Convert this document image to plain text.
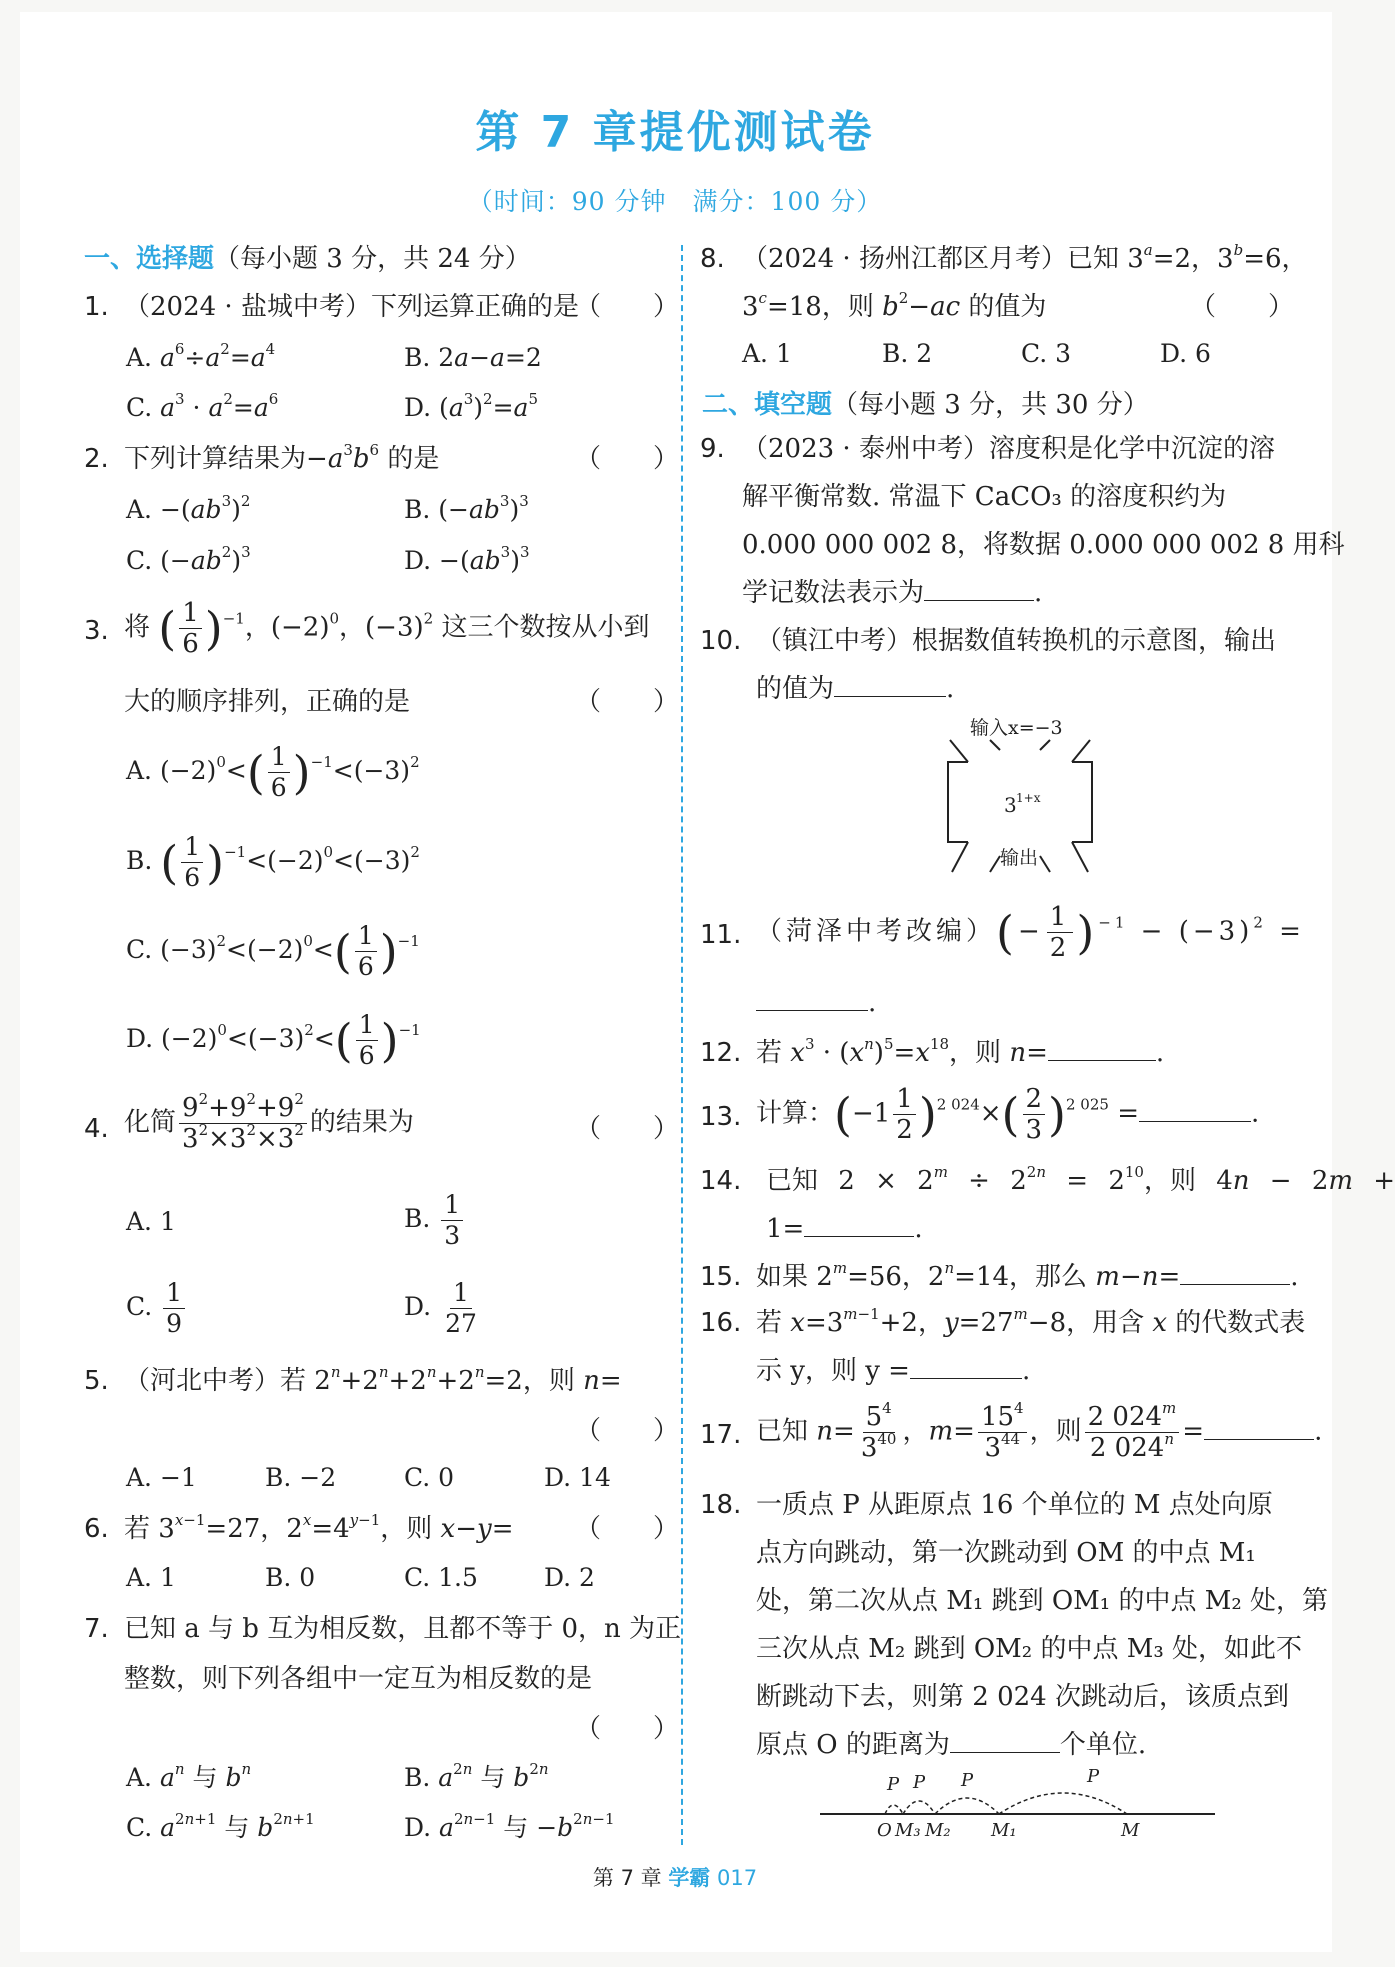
第 7 章提优测试卷
（时间：90 分钟　满分：100 分）
一、选择题（每小题 3 分，共 24 分）
1. （2024 · 盐城中考）下列运算正确的是
（　　）
A. $a^6\div a^2=a^4$	B. 2a−a=2
C. $a^3 \cdot a^2=a^6$	D. $(a^3)^2=a^5$
2. 下列计算结果为$-a^3b^6$ 的是	（　　）
A. $-(ab^3)^2$	B. $(-ab^3)^3$
C. $(-ab^2)^3$	D. $-(ab^3)^3$
3. 将 ( $\frac{1}{6} )^{-1}$，$(-2)^0$，$(-3)^2$ 这三个数按从小到
大的顺序排列，正确的是	（　　）
A. $(-2)^0<( \frac{1}{6} )^{-1}<(-3)^2$
B. ( $\frac{1}{6} )^{-1}<(-2)^0<(-3)^2$
C. $(-3)^2<(-2)^0<( \frac{1}{6} )^{-1}$
D. $(-2)^0<(-3)^2<( \frac{1}{6} )^{-1}$
4. 化简 $\frac{9^2+9^2+9^2}{3^2\times 3^2\times 3^2}$ 的结果为	（　　）
A. 1	B. $\frac{1}{3}$
C. $\frac{1}{9}$	D. $\frac{1}{27}$
5. （河北中考）若 $2^n+2^n+2^n+2^n=2$，则 n=
（　　）
A. −1	B. −2	C. 0	D. 14
6. 若 $3^{x-1}=27$，$2^x=4^{y-1}$，则 x−y= （　　）
A. 1	B. 0	C. 1.5	D. 2
7. 已知 a 与 b 互为相反数，且都不等于 0，n 为正
整数，则下列各组中一定互为相反数的是
（　　）
A. $a^n$ 与 $b^n$	B. $a^{2n}$ 与 $b^{2n}$
C. $a^{2n+1}$ 与 $b^{2n+1}$	D. $a^{2n-1}$ 与 $-b^{2n-1}$
8. （2024 · 扬州江都区月考）已知 $3^a=2$，$3^b=6$，
$3^c=18$，则 $b^2-ac$ 的值为	（　　）
A. 1	B. 2	C. 3	D. 6
二、填空题（每小题 3 分，共 30 分）
9. （2023 · 泰州中考）溶度积是化学中沉淀的溶
解平衡常数. 常温下 CaCO₃ 的溶度积约为
0.000 000 002 8，将数据 0.000 000 002 8 用科
学记数法表示为	.
10. （镇江中考）根据数值转换机的示意图，输出
的值为	.
输入x=−3
3 1+x
输出
11. （菏泽中考改编）(− $\frac{1}{2} )^{-1} - (-3)^2$ =
.
12. 若 $x^3 \cdot (x^n)^5=x^{18}$，则 n=	.
13. 计算：$(-1 \frac{1}{2} )^{2 024}\times( \frac{2}{3} )^{2 025}$ =	.
14. 已知 $2 \times 2^m \div 2^{2n} = 2^{10}$，则 4n − 2m +
1=	.
15. 如果 $2^m=56$，$2^n=14$，那么 m−n=	.
16. 若 $x=3^{m-1}+2$，$y=27^m-8$，用含 x 的代数式表
示 y，则 y =	.
17. 已知 $n= \frac{5^4}{3^{40}}$ ，$m= \frac{15^4}{3^{44}}$ ，则 $\frac{2 024^m}{2 024^n}$ =	.
18. 一质点 P 从距原点 16 个单位的 M 点处向原
点方向跳动，第一次跳动到 OM 的中点 M₁
处，第二次从点 M₁ 跳到 OM₁ 的中点 M₂ 处，第
三次从点 M₂ 跳到 OM₂ 的中点 M₃ 处，如此不
断跳动下去，则第 2 024 次跳动后，该质点到
原点 O 的距离为	个单位.
O M₃ M₂ M₁	M
P P P	P
第 7 章 学霸 017
